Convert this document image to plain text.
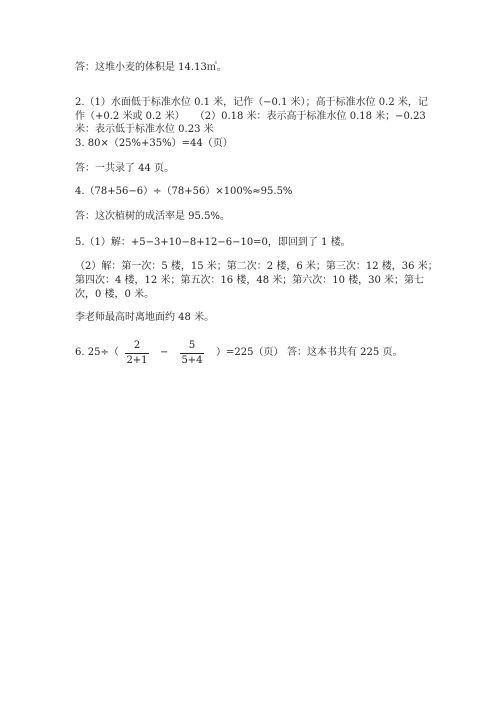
答：这堆小麦的体积是 14.13㎥。
2.（1）水面低于标准水位 0.1 米，记作（−0.1 米）；高于标准水位 0.2 米，记
作（+0.2 米或 0.2 米）　　（2）0.18 米：表示高于标准水位 0.18 米；−0.23
米：表示低于标准水位 0.23 米
3. 80×（25%+35%）=44（页）
答：一共录了 44 页。
4.（78+56−6）÷（78+56）×100%≈95.5%
答：这次植树的成活率是 95.5%。
5.（1）解：+5−3+10−8+12−6−10=0，即回到了 1 楼。
（2）解：第一次：5 楼，15 米；第二次：2 楼，6 米；第三次：12 楼，36 米；
第四次：4 楼，12 米；第五次：16 楼，48 米；第六次：10 楼，30 米；第七
次，0 楼，0 米。
李老师最高时离地面约 48 米。
6. 25÷（
2
2+1
−
5
5+4
）=225（页） 答：这本书共有 225 页。
